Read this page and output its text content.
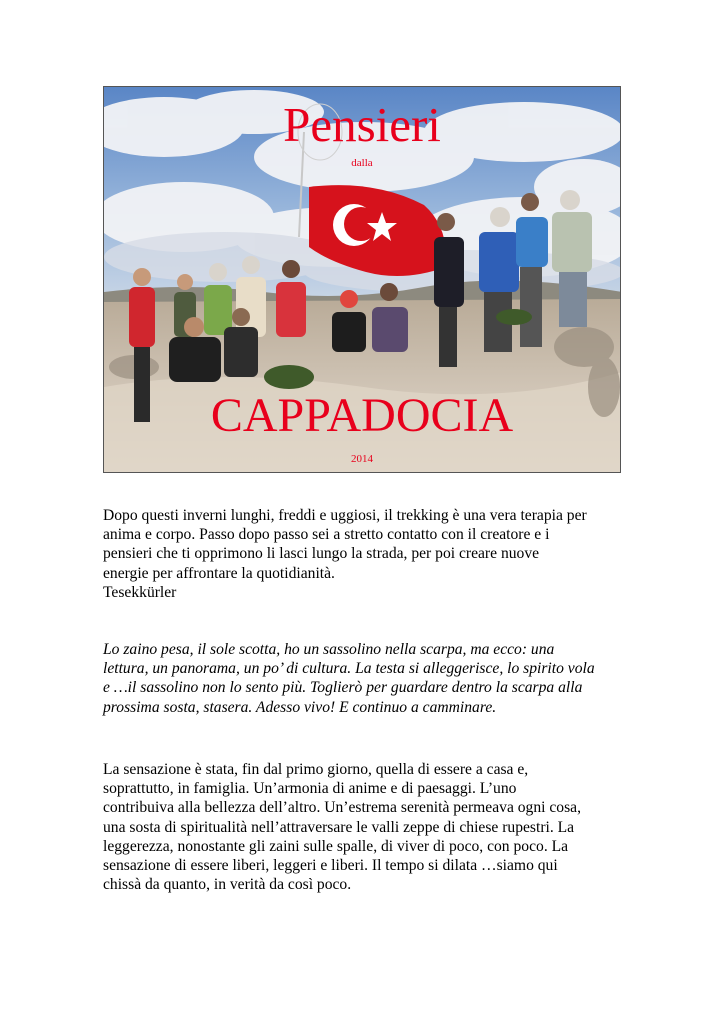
Pensieri
dalla
CAPPADOCIA
2014

Dopo questi inverni lunghi, freddi e uggiosi, il trekking è una vera terapia per
anima e corpo. Passo dopo passo sei a stretto contatto con il creatore e i
pensieri che ti opprimono li lasci lungo la strada, per poi creare nuove
energie per affrontare la quotidianità.
Tesekkürler

Lo zaino pesa, il sole scotta, ho un sassolino nella scarpa, ma ecco: una
lettura, un panorama, un po’ di cultura. La testa si alleggerisce, lo spirito vola
e …il sassolino non lo sento più. Toglierò per guardare dentro la scarpa alla
prossima sosta, stasera. Adesso vivo! E continuo a camminare.

La sensazione è stata, fin dal primo giorno, quella di essere a casa e,
soprattutto, in famiglia. Un’armonia di anime e di paesaggi. L’uno
contribuiva alla bellezza dell’altro. Un’estrema serenità permeava ogni cosa,
una sosta di spiritualità nell’attraversare le valli zeppe di chiese rupestri. La
leggerezza, nonostante gli zaini sulle spalle, di viver di poco, con poco. La
sensazione di essere liberi, leggeri e liberi. Il tempo si dilata …siamo qui
chissà da quanto, in verità da così poco.
